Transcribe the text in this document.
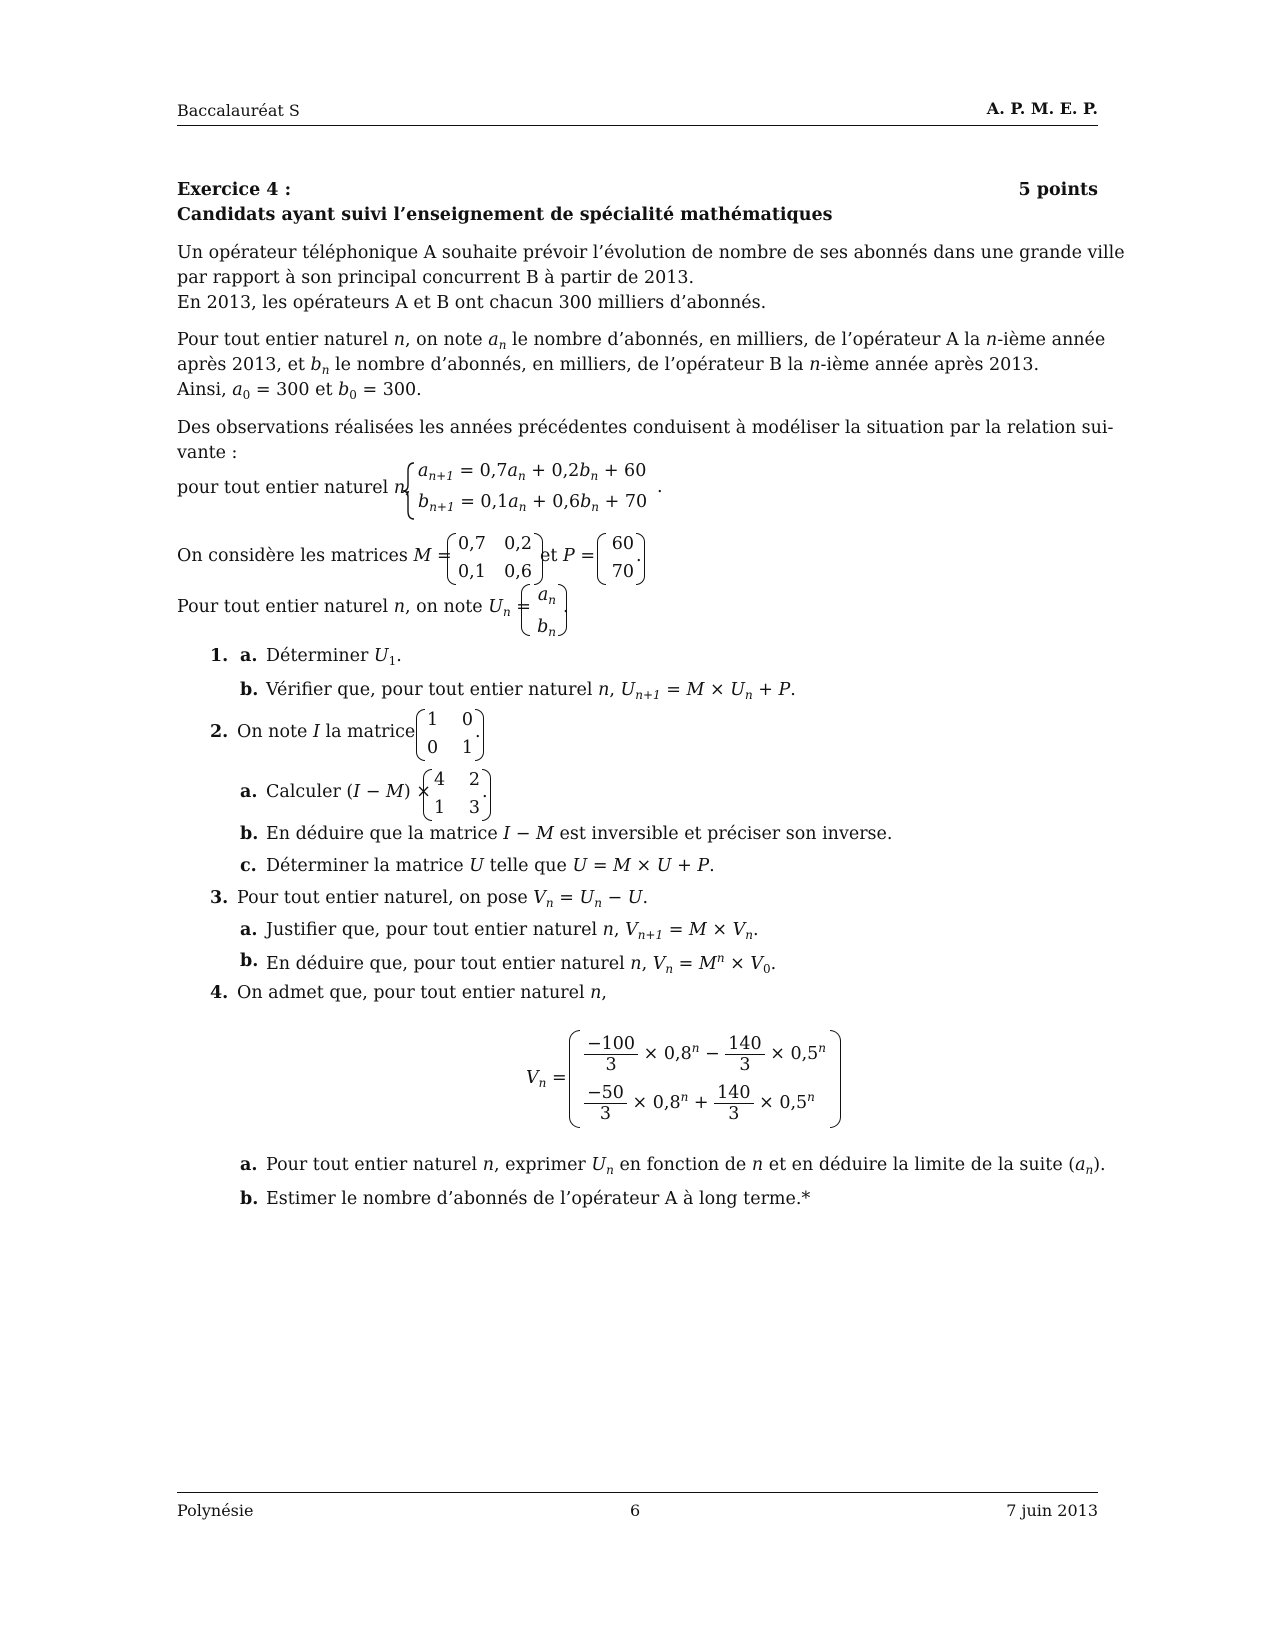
Baccalauréat S	A. P. M. E. P.
Exercice 4 :	5 points
Candidats ayant suivi l’enseignement de spécialité mathématiques
Un opérateur téléphonique A souhaite prévoir l’évolution de nombre de ses abonnés dans une grande ville
par rapport à son principal concurrent B à partir de 2013.
En 2013, les opérateurs A et B ont chacun 300 milliers d’abonnés.
Pour tout entier naturel n, on note $a_n$ le nombre d’abonnés, en milliers, de l’opérateur A la n-ième année
après 2013, et $b_n$ le nombre d’abonnés, en milliers, de l’opérateur B la n-ième année après 2013.
Ainsi, $a_0 = 300$ et $b_0 = 300$.
Des observations réalisées les années précédentes conduisent à modéliser la situation par la relation sui-
vante :
pour tout entier naturel n,
$a_{n+1} = 0,7a_n + 0,2b_n + 60$
$b_{n+1} = 0,1a_n + 0,6b_n + 70$
.
On considère les matrices M =
0,7	0,2
0,1	0,6
et P =
60
70
.
Pour tout entier naturel n, on note $U_n$ =
$a_n$
$b_n$
.
1. a. Déterminer $U_1$.
b. Vérifier que, pour tout entier naturel n, $U_{n+1} = M \times U_n + P$.
2. On note I la matrice
1	0
0	1
.
a. Calculer (I − M) ×
4	2
1	3
.
b. En déduire que la matrice I − M est inversible et préciser son inverse.
c. Déterminer la matrice U telle que U = M × U + P.
3. Pour tout entier naturel, on pose $V_n = U_n - U$.
a. Justifier que, pour tout entier naturel n, $V_{n+1} = M \times V_n$.
b. En déduire que, pour tout entier naturel n, $V_n = M^n \times V_0$.
4. On admet que, pour tout entier naturel n,
$V_n$ =
$\frac{-100}{3} \times 0,8^n - \frac{140}{3} \times 0,5^n$
$\frac{-50}{3} \times 0,8^n + \frac{140}{3} \times 0,5^n$
a. Pour tout entier naturel n, exprimer $U_n$ en fonction de n et en déduire la limite de la suite $(a_n)$.
b. Estimer le nombre d’abonnés de l’opérateur A à long terme.*
Polynésie	6	7 juin 2013
